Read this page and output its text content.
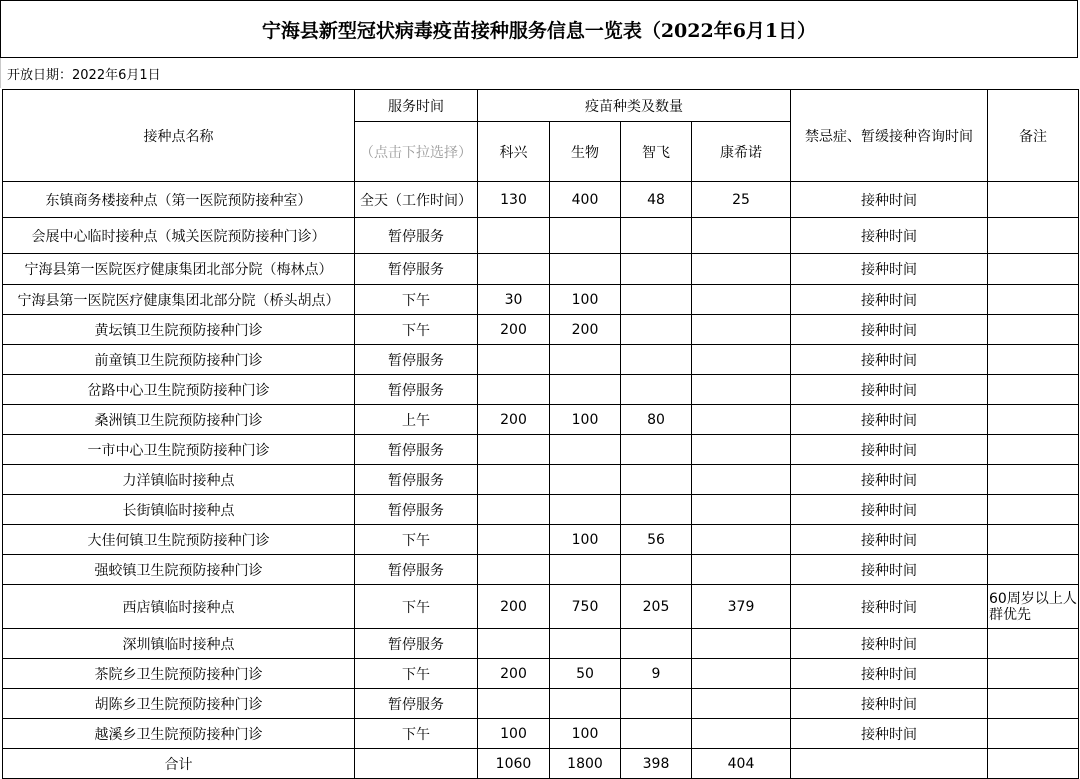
宁海县新型冠状病毒疫苗接种服务信息一览表（2022年6月1日）
开放日期： 2022年6月1日
接种点名称	服务时间	疫苗种类及数量				禁忌症、暂缓接种咨询时间	备注
	（点击下拉选择）	科兴	生物	智飞	康希诺		
东镇商务楼接种点（第一医院预防接种室）	全天（工作时间）	130	400	48	25	接种时间	
会展中心临时接种点（城关医院预防接种门诊）	暂停服务					接种时间	
宁海县第一医院医疗健康集团北部分院（梅林点）	暂停服务					接种时间	
宁海县第一医院医疗健康集团北部分院（桥头胡点）	下午	30	100			接种时间	
黄坛镇卫生院预防接种门诊	下午	200	200			接种时间	
前童镇卫生院预防接种门诊	暂停服务					接种时间	
岔路中心卫生院预防接种门诊	暂停服务					接种时间	
桑洲镇卫生院预防接种门诊	上午	200	100	80		接种时间	
一市中心卫生院预防接种门诊	暂停服务					接种时间	
力洋镇临时接种点	暂停服务					接种时间	
长街镇临时接种点	暂停服务					接种时间	
大佳何镇卫生院预防接种门诊	下午		100	56		接种时间	
强蛟镇卫生院预防接种门诊	暂停服务					接种时间	
西店镇临时接种点	下午	200	750	205	379	接种时间	60周岁以上人群优先
深圳镇临时接种点	暂停服务					接种时间	
茶院乡卫生院预防接种门诊	下午	200	50	9		接种时间	
胡陈乡卫生院预防接种门诊	暂停服务					接种时间	
越溪乡卫生院预防接种门诊	下午	100	100			接种时间	
合计		1060	1800	398	404		
